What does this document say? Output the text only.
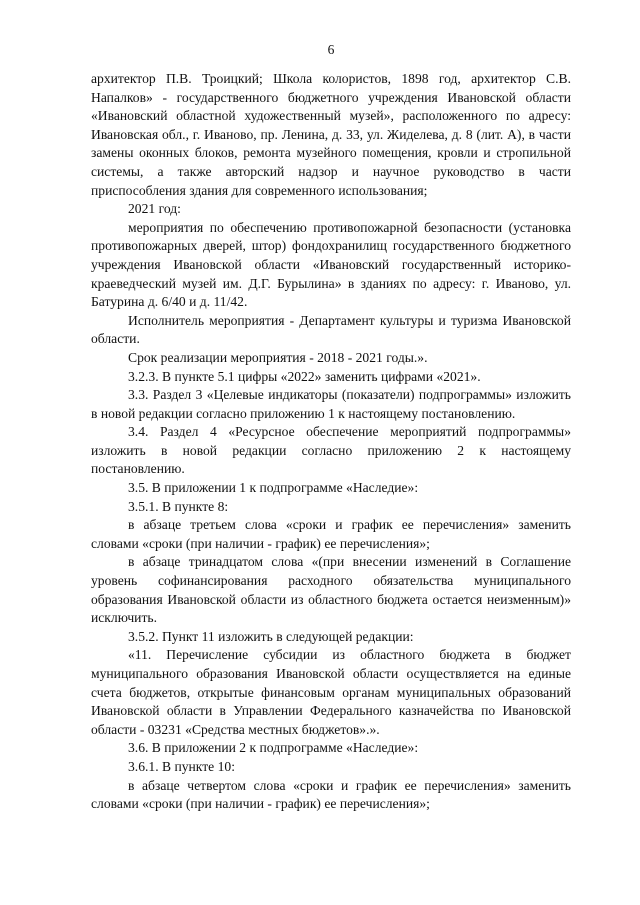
6

архитектор П.В. Троицкий; Школа колористов, 1898 год, архитектор С.В. Напалков» - государственного бюджетного учреждения Ивановской области «Ивановский областной художественный музей», расположенного по адресу: Ивановская обл., г. Иваново, пр. Ленина, д. 33, ул. Жиделева, д. 8 (лит. А), в части замены оконных блоков, ремонта музейного помещения, кровли и стропильной системы, а также авторский надзор и научное руководство в части приспособления здания для современного использования;

2021 год:

мероприятия по обеспечению противопожарной безопасности (установка противопожарных дверей, штор) фондохранилищ государственного бюджетного учреждения Ивановской области «Ивановский государственный историко-краеведческий музей им. Д.Г. Бурылина» в зданиях по адресу: г. Иваново, ул. Батурина д. 6/40 и д. 11/42.

Исполнитель мероприятия - Департамент культуры и туризма Ивановской области.

Срок реализации мероприятия - 2018 - 2021 годы.».

3.2.3. В пункте 5.1 цифры «2022» заменить цифрами «2021».

3.3. Раздел 3 «Целевые индикаторы (показатели) подпрограммы» изложить в новой редакции согласно приложению 1 к настоящему постановлению.

3.4. Раздел 4 «Ресурсное обеспечение мероприятий подпрограммы» изложить в новой редакции согласно приложению 2 к настоящему постановлению.

3.5. В приложении 1 к подпрограмме «Наследие»:

3.5.1. В пункте 8:

в абзаце третьем слова «сроки и график ее перечисления» заменить словами «сроки (при наличии - график) ее перечисления»;

в абзаце тринадцатом слова «(при внесении изменений в Соглашение уровень софинансирования расходного обязательства муниципального образования Ивановской области из областного бюджета остается неизменным)» исключить.

3.5.2. Пункт 11 изложить в следующей редакции:

«11. Перечисление субсидии из областного бюджета в бюджет муниципального образования Ивановской области осуществляется на единые счета бюджетов, открытые финансовым органам муниципальных образований Ивановской области в Управлении Федерального казначейства по Ивановской области - 03231 «Средства местных бюджетов».».

3.6. В приложении 2 к подпрограмме «Наследие»:

3.6.1. В пункте 10:

в абзаце четвертом слова «сроки и график ее перечисления» заменить словами «сроки (при наличии - график) ее перечисления»;
